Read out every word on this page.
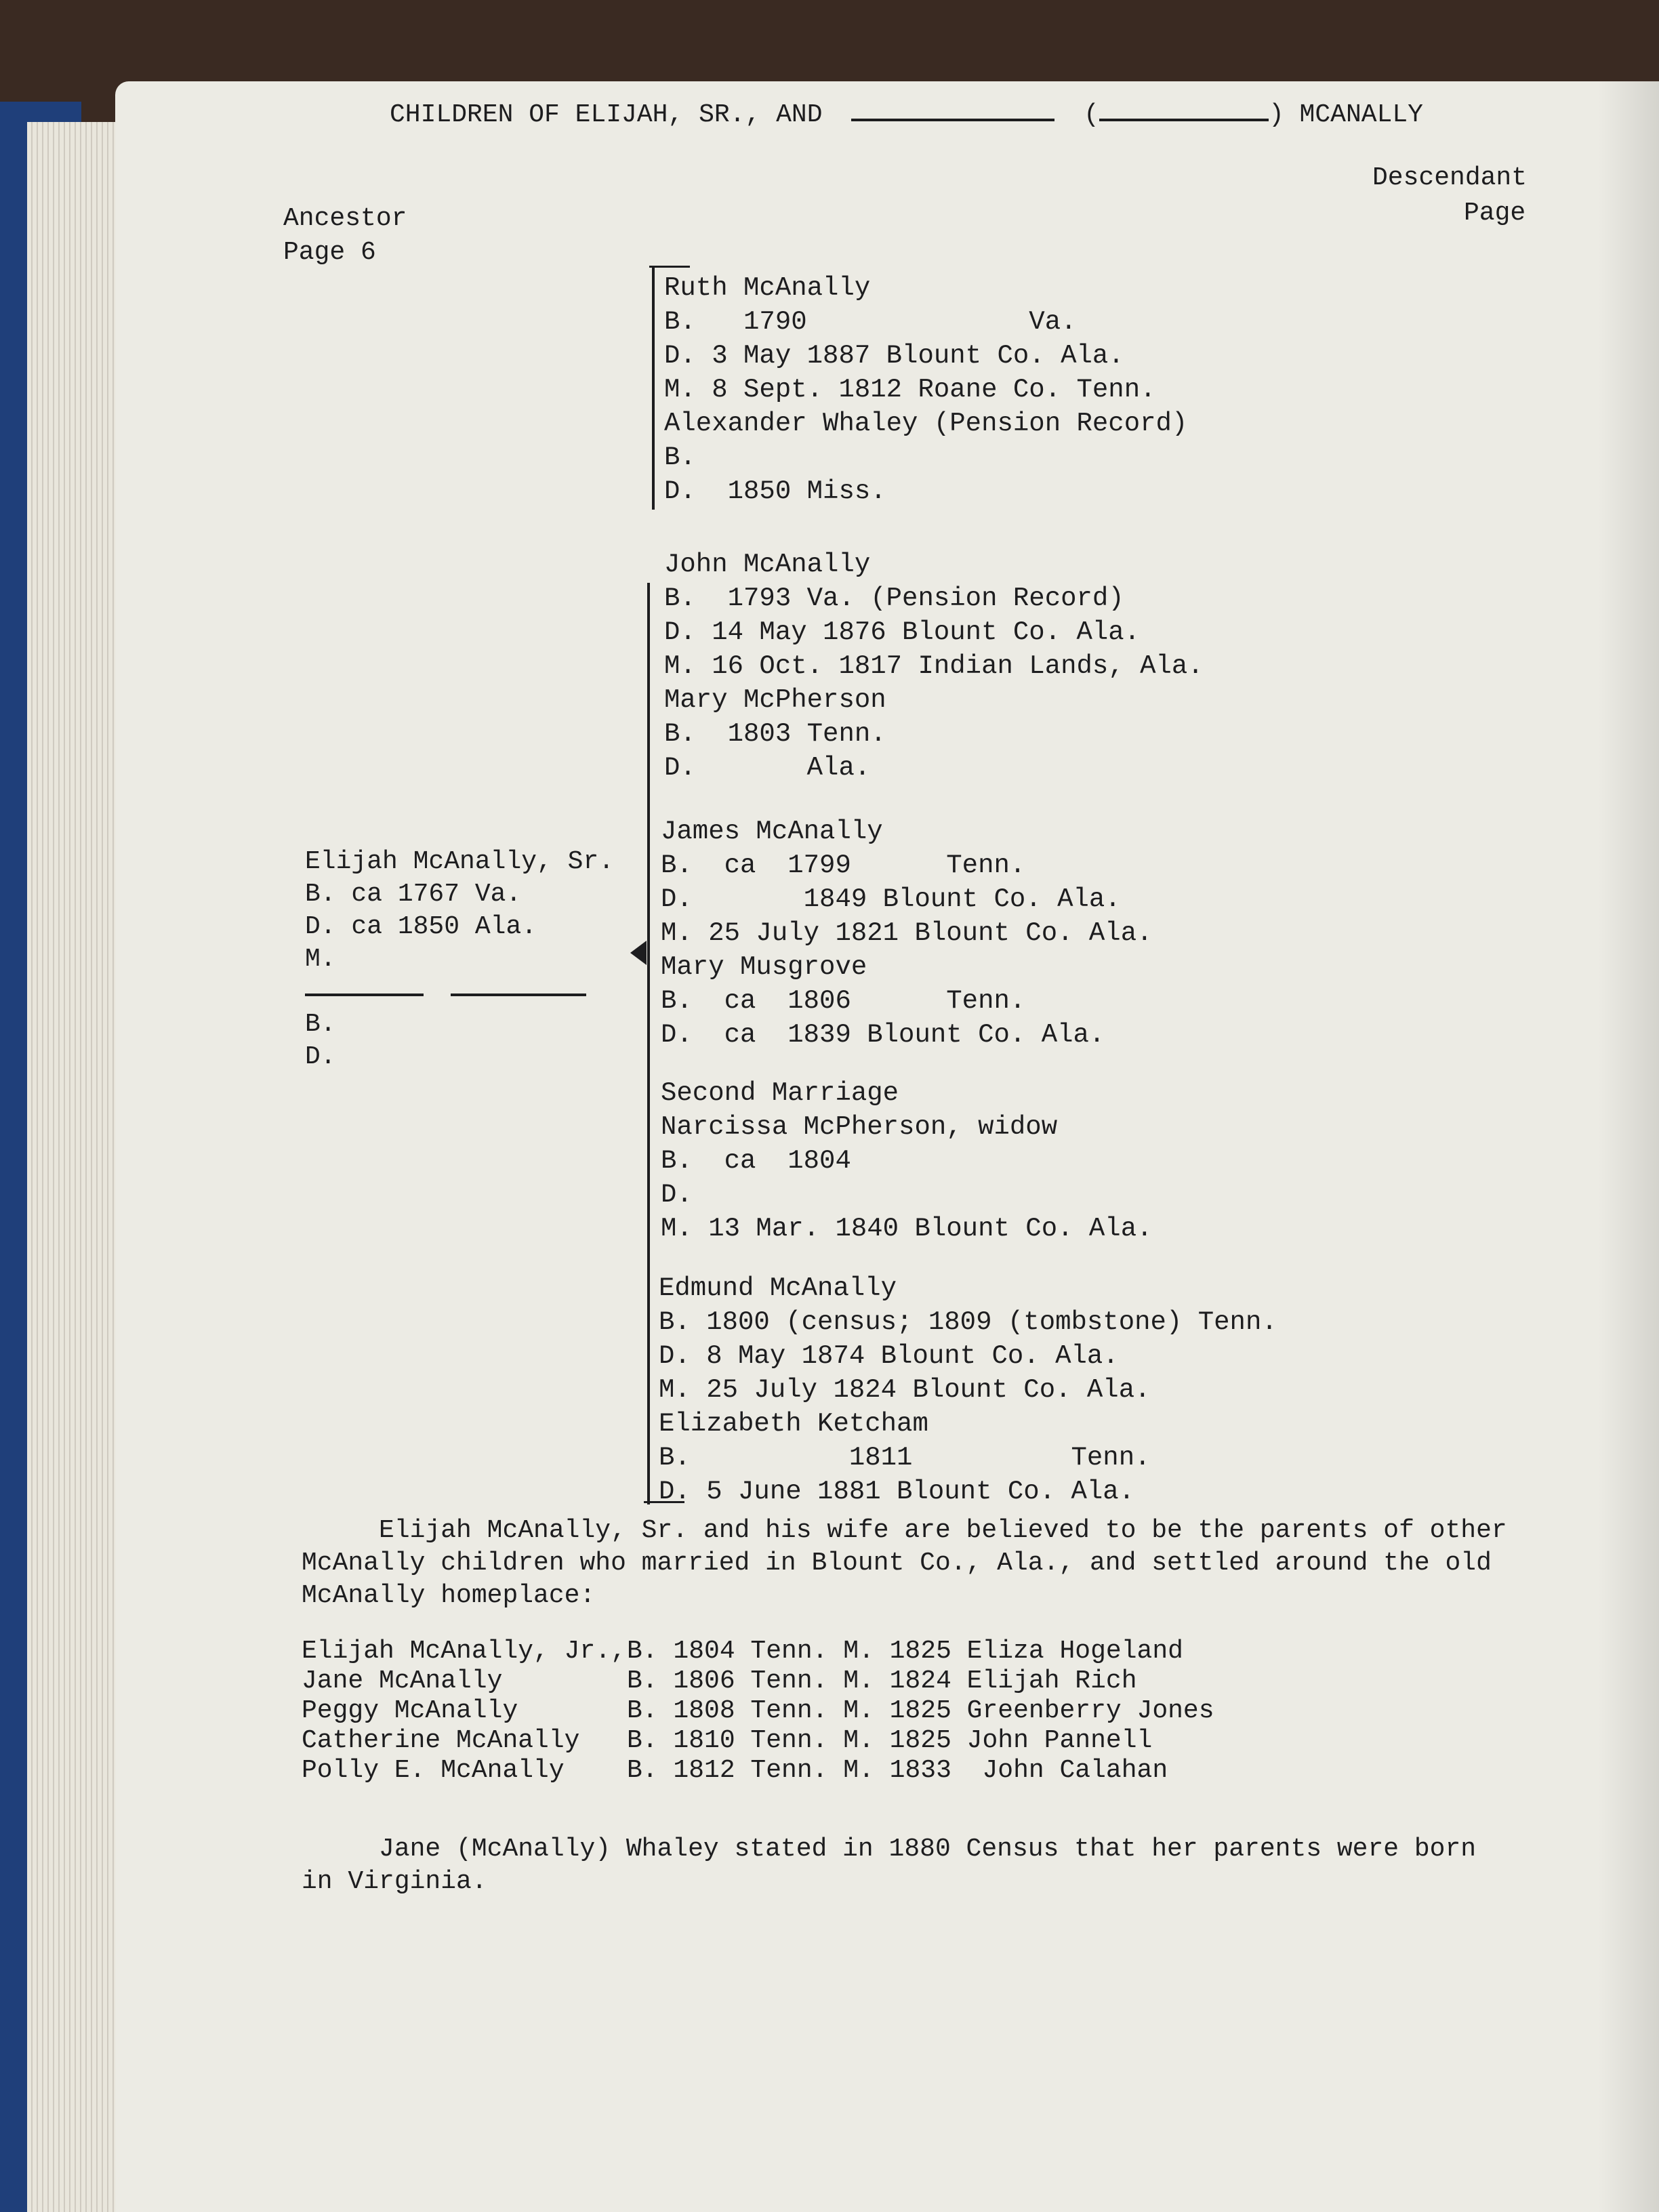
CHILDREN OF ELIJAH, SR., AND	(	) MCANALLY
Descendant
Page
Ancestor
Page 6
Ruth McAnally
B.   1790              Va.
D. 3 May 1887 Blount Co. Ala.
M. 8 Sept. 1812 Roane Co. Tenn.
Alexander Whaley (Pension Record)
B.
D.  1850 Miss.
John McAnally
B.  1793 Va. (Pension Record)
D. 14 May 1876 Blount Co. Ala.
M. 16 Oct. 1817 Indian Lands, Ala.
Mary McPherson
B.  1803 Tenn.
D.       Ala.
James McAnally
B.  ca  1799      Tenn.
D.       1849 Blount Co. Ala.
M. 25 July 1821 Blount Co. Ala.
Mary Musgrove
B.  ca  1806      Tenn.
D.  ca  1839 Blount Co. Ala.
Second Marriage
Narcissa McPherson, widow
B.  ca  1804
D.
M. 13 Mar. 1840 Blount Co. Ala.
Edmund McAnally
B. 1800 (census; 1809 (tombstone) Tenn.
D. 8 May 1874 Blount Co. Ala.
M. 25 July 1824 Blount Co. Ala.
Elizabeth Ketcham
B.          1811          Tenn.
D. 5 June 1881 Blount Co. Ala.
Elijah McAnally, Sr.
B. ca 1767 Va.
D. ca 1850 Ala.
M.

B.
D.
Elijah McAnally, Sr. and his wife are believed to be the parents of other
McAnally children who married in Blount Co., Ala., and settled around the old
McAnally homeplace:
Elijah McAnally, Jr., B. 1804 Tenn. M. 1825 Eliza Hogeland
Jane McAnally	B. 1806 Tenn. M. 1824 Elijah Rich
Peggy McAnally	B. 1808 Tenn. M. 1825 Greenberry Jones
Catherine McAnally	B. 1810 Tenn. M. 1825 John Pannell
Polly E. McAnally	B. 1812 Tenn. M. 1833  John Calahan
Jane (McAnally) Whaley stated in 1880 Census that her parents were born
in Virginia.
